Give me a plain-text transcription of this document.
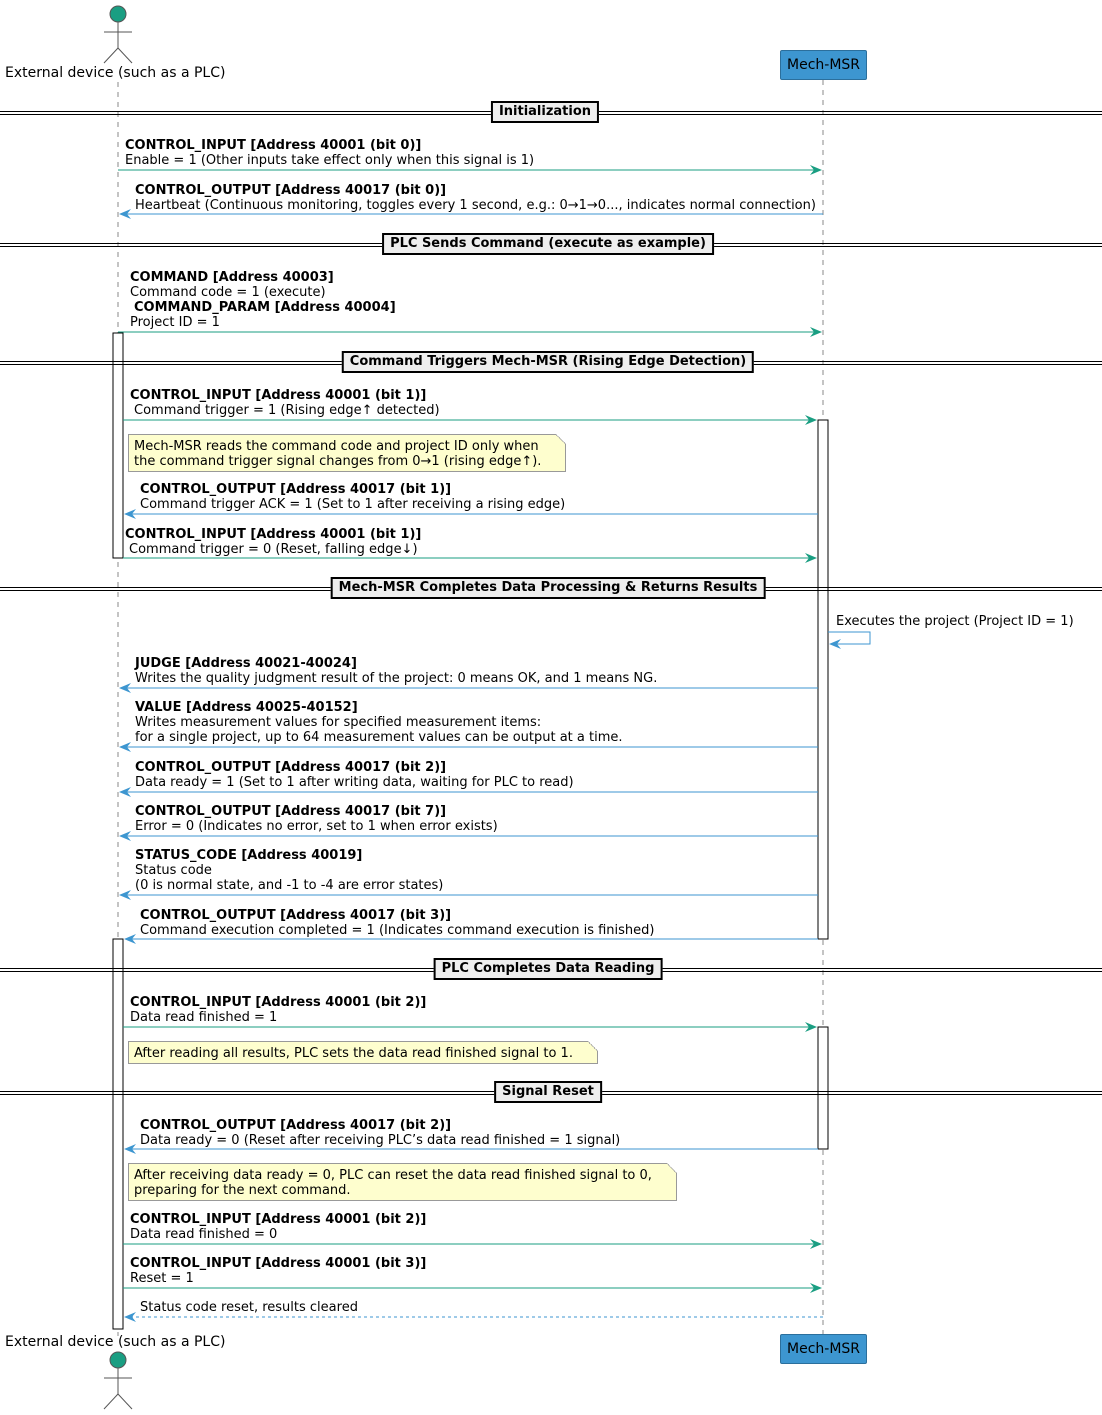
External device (such as a PLC)	Mech-MSR
External device (such as a PLC)	Mech-MSR
Initialization
PLC Sends Command (execute as example)
Command Triggers Mech-MSR (Rising Edge Detection)
Mech-MSR Completes Data Processing & Returns Results
PLC Completes Data Reading
Signal Reset
CONTROL_INPUT [Address 40001 (bit 0)]
Enable = 1 (Other inputs take effect only when this signal is 1)
CONTROL_OUTPUT [Address 40017 (bit 0)]
Heartbeat (Continuous monitoring, toggles every 1 second, e.g.: 0→1→0..., indicates normal connection)
COMMAND [Address 40003]
Command code = 1 (execute)
COMMAND_PARAM [Address 40004]
Project ID = 1
CONTROL_INPUT [Address 40001 (bit 1)]
Command trigger = 1 (Rising edge↑ detected)
CONTROL_OUTPUT [Address 40017 (bit 1)]
Command trigger ACK = 1 (Set to 1 after receiving a rising edge)
CONTROL_INPUT [Address 40001 (bit 1)]
Command trigger = 0 (Reset, falling edge↓)
Executes the project (Project ID = 1)
JUDGE [Address 40021-40024]
Writes the quality judgment result of the project: 0 means OK, and 1 means NG.
VALUE [Address 40025-40152]
Writes measurement values for specified measurement items:
for a single project, up to 64 measurement values can be output at a time.
CONTROL_OUTPUT [Address 40017 (bit 2)]
Data ready = 1 (Set to 1 after writing data, waiting for PLC to read)
CONTROL_OUTPUT [Address 40017 (bit 7)]
Error = 0 (Indicates no error, set to 1 when error exists)
STATUS_CODE [Address 40019]
Status code
(0 is normal state, and -1 to -4 are error states)
CONTROL_OUTPUT [Address 40017 (bit 3)]
Command execution completed = 1 (Indicates command execution is finished)
CONTROL_INPUT [Address 40001 (bit 2)]
Data read finished = 1
CONTROL_OUTPUT [Address 40017 (bit 2)]
Data ready = 0 (Reset after receiving PLC’s data read finished = 1 signal)
CONTROL_INPUT [Address 40001 (bit 2)]
Data read finished = 0
CONTROL_INPUT [Address 40001 (bit 3)]
Reset = 1
Status code reset, results cleared
Mech-MSR reads the command code and project ID only when
the command trigger signal changes from 0→1 (rising edge↑).
After reading all results, PLC sets the data read finished signal to 1.
After receiving data ready = 0, PLC can reset the data read finished signal to 0,
preparing for the next command.
